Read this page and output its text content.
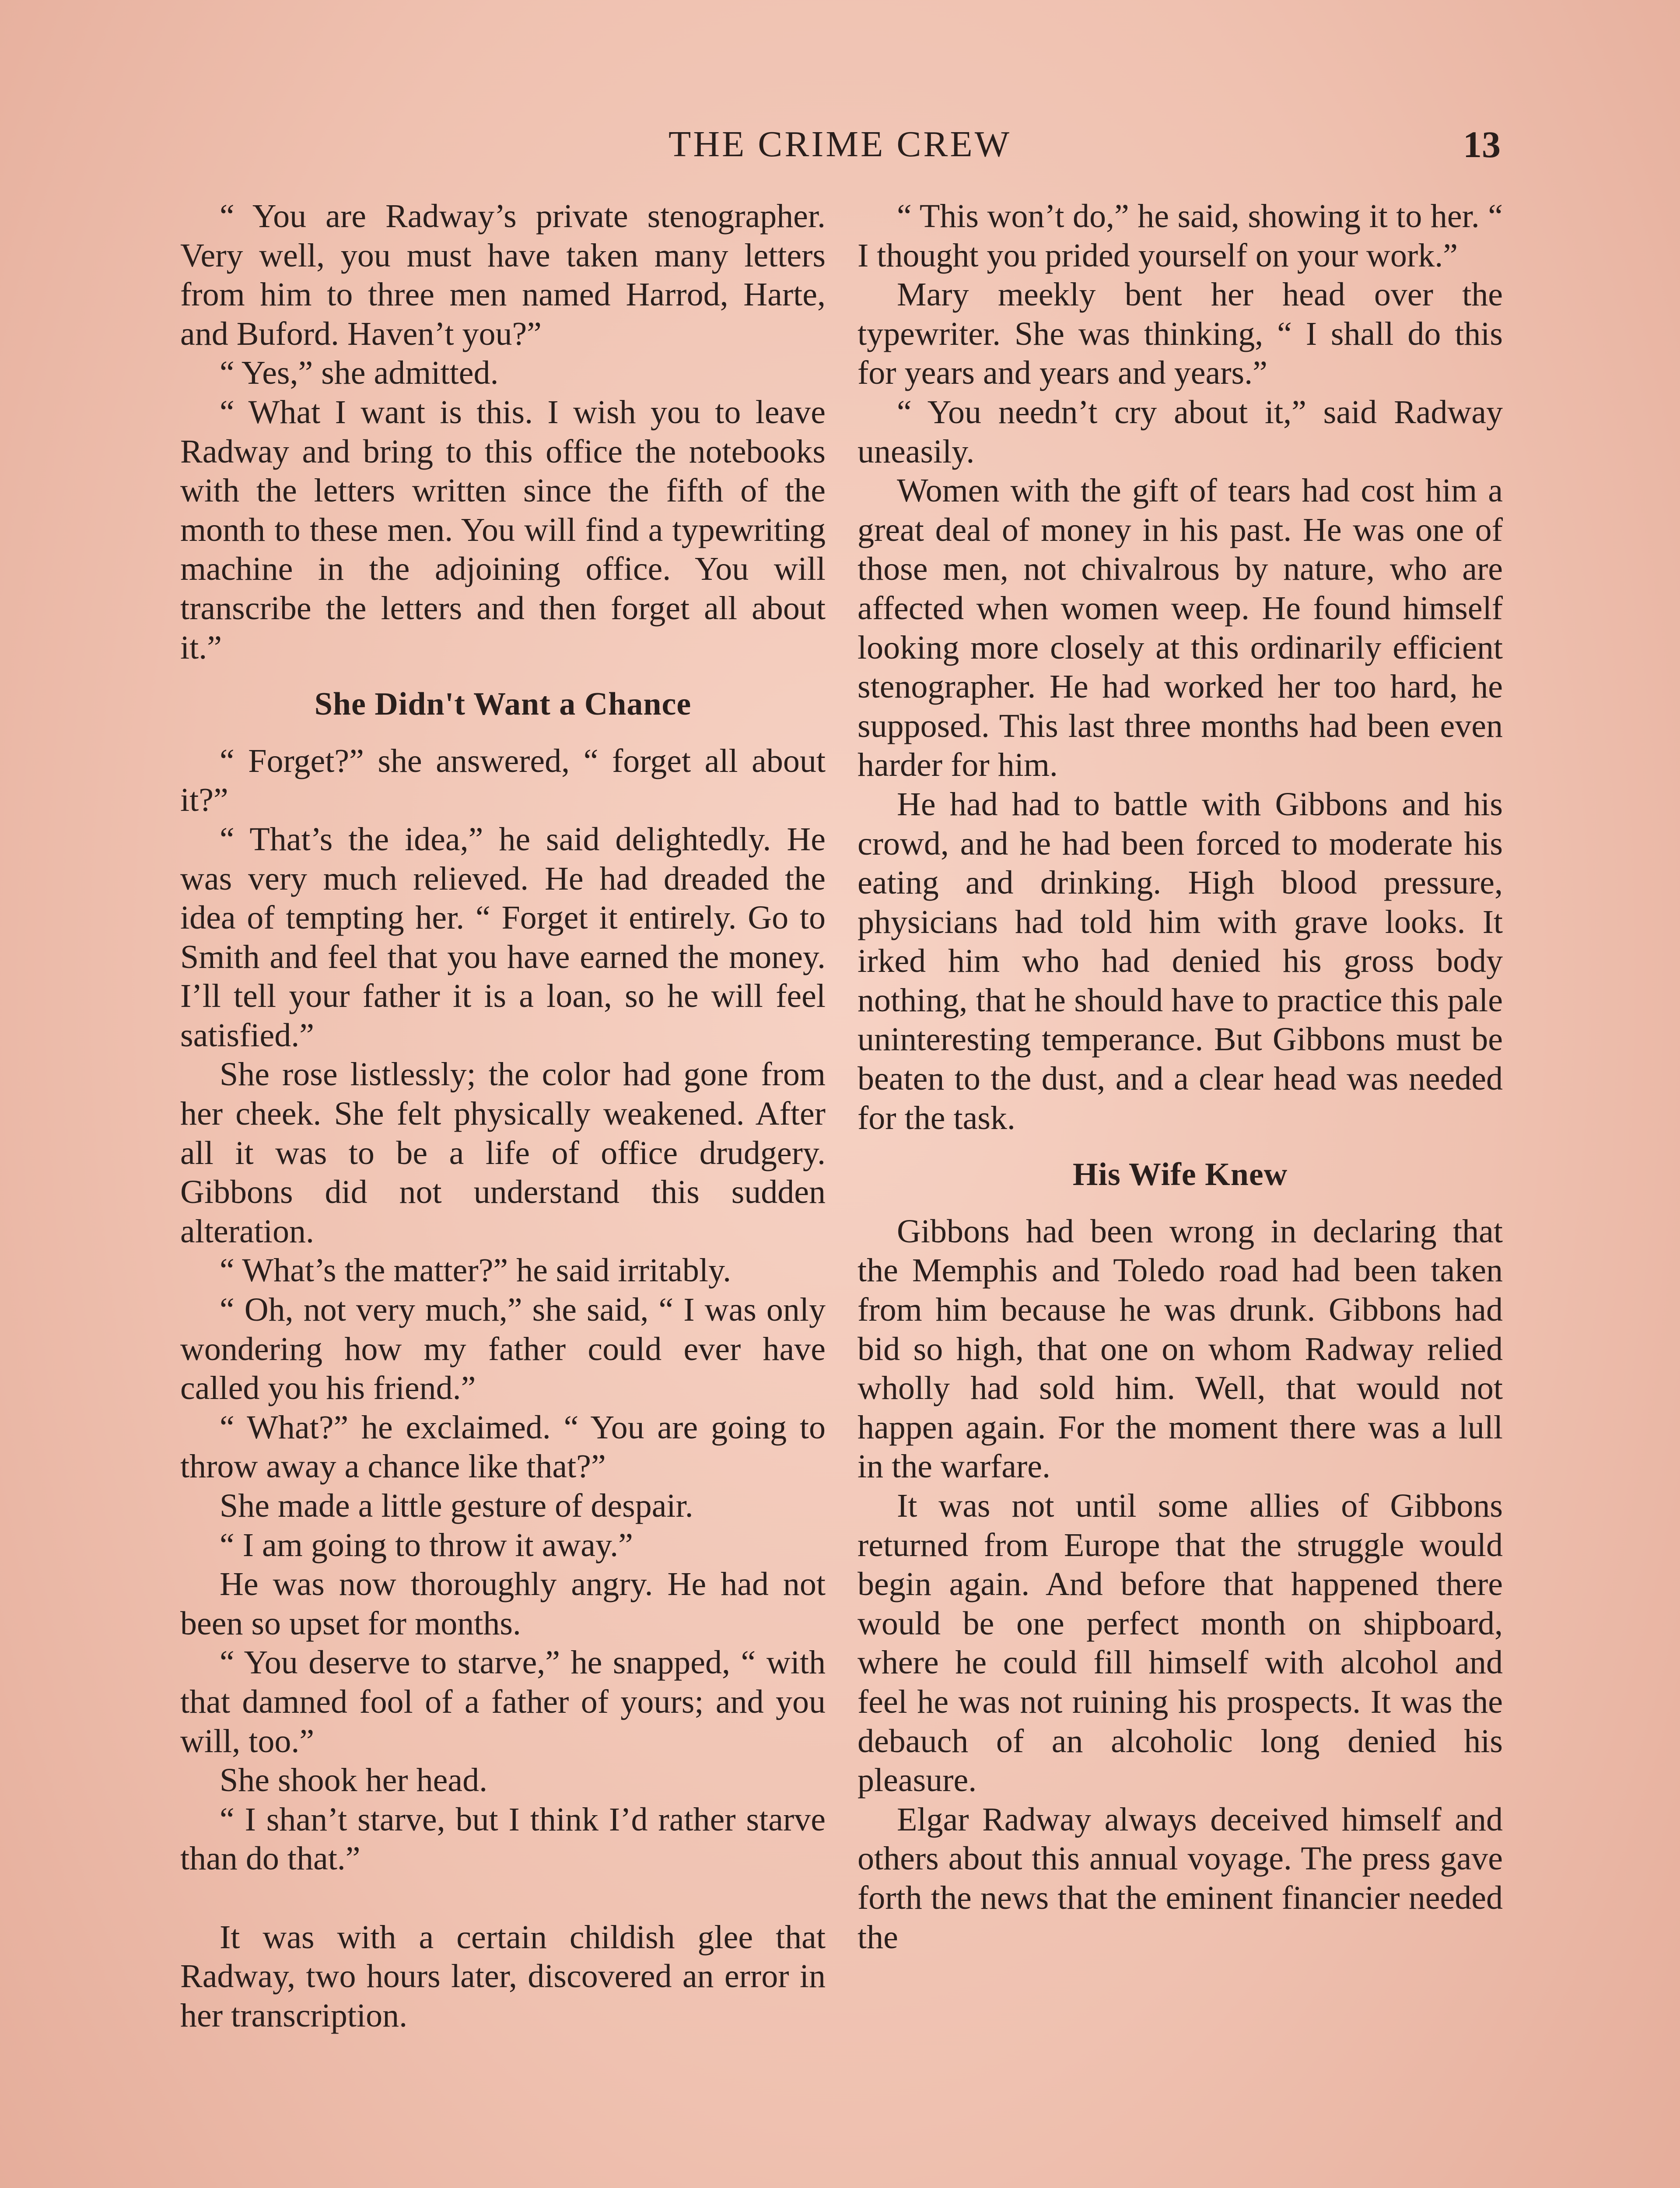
THE CRIME CREW	13

“ You are Radway’s private stenographer. Very well, you must have taken many letters from him to three men named Harrod, Harte, and Buford. Haven’t you?”

“ Yes,” she admitted.

“ What I want is this. I wish you to leave Radway and bring to this office the notebooks with the letters written since the fifth of the month to these men. You will find a typewriting machine in the adjoining office. You will transcribe the letters and then forget all about it.”

She Didn't Want a Chance

“ Forget?” she answered, “ forget all about it?”

“ That’s the idea,” he said delightedly. He was very much relieved. He had dreaded the idea of tempting her. “ Forget it entirely. Go to Smith and feel that you have earned the money. I’ll tell your father it is a loan, so he will feel satisfied.”

She rose listlessly; the color had gone from her cheek. She felt physically weakened. After all it was to be a life of office drudgery. Gibbons did not understand this sudden alteration.

“ What’s the matter?” he said irritably.

“ Oh, not very much,” she said, “ I was only wondering how my father could ever have called you his friend.”

“ What?” he exclaimed. “ You are going to throw away a chance like that?”

She made a little gesture of despair.

“ I am going to throw it away.”

He was now thoroughly angry. He had not been so upset for months.

“ You deserve to starve,” he snapped, “ with that damned fool of a father of yours; and you will, too.”

She shook her head.

“ I shan’t starve, but I think I’d rather starve than do that.”

It was with a certain childish glee that Radway, two hours later, discovered an error in her transcription.

“ This won’t do,” he said, showing it to her. “ I thought you prided yourself on your work.”

Mary meekly bent her head over the typewriter. She was thinking, “ I shall do this for years and years and years.”

“ You needn’t cry about it,” said Radway uneasily.

Women with the gift of tears had cost him a great deal of money in his past. He was one of those men, not chivalrous by nature, who are affected when women weep. He found himself looking more closely at this ordinarily efficient stenographer. He had worked her too hard, he supposed. This last three months had been even harder for him.

He had had to battle with Gibbons and his crowd, and he had been forced to moderate his eating and drinking. High blood pressure, physicians had told him with grave looks. It irked him who had denied his gross body nothing, that he should have to practice this pale uninteresting temperance. But Gibbons must be beaten to the dust, and a clear head was needed for the task.

His Wife Knew

Gibbons had been wrong in declaring that the Memphis and Toledo road had been taken from him because he was drunk. Gibbons had bid so high, that one on whom Radway relied wholly had sold him. Well, that would not happen again. For the moment there was a lull in the warfare.

It was not until some allies of Gibbons returned from Europe that the struggle would begin again. And before that happened there would be one perfect month on shipboard, where he could fill himself with alcohol and feel he was not ruining his prospects. It was the debauch of an alcoholic long denied his pleasure.

Elgar Radway always deceived himself and others about this annual voyage. The press gave forth the news that the eminent financier needed the
